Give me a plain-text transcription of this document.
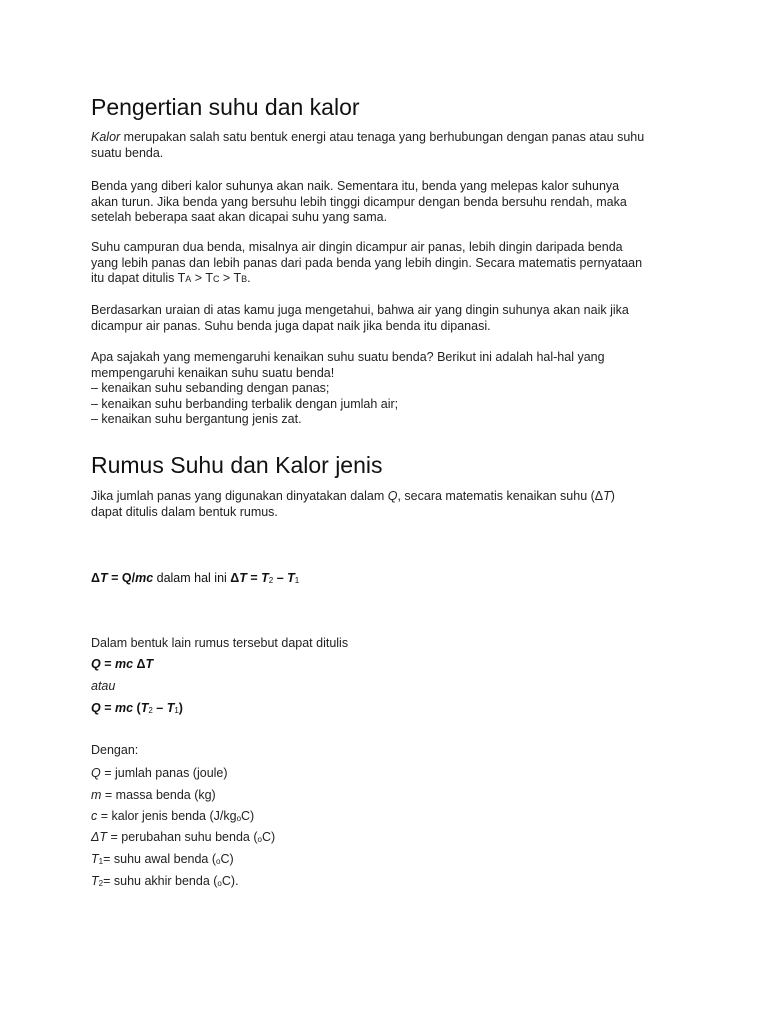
Pengertian suhu dan kalor
Kalor merupakan salah satu bentuk energi atau tenaga yang berhubungan dengan panas atau suhu
suatu benda.
Benda yang diberi kalor suhunya akan naik. Sementara itu, benda yang melepas kalor suhunya
akan turun. Jika benda yang bersuhu lebih tinggi dicampur dengan benda bersuhu rendah, maka
setelah beberapa saat akan dicapai suhu yang sama.
Suhu campuran dua benda, misalnya air dingin dicampur air panas, lebih dingin daripada benda
yang lebih panas dan lebih panas dari pada benda yang lebih dingin. Secara matematis pernyataan
itu dapat ditulis TA > TC > TB.
Berdasarkan uraian di atas kamu juga mengetahui, bahwa air yang dingin suhunya akan naik jika
dicampur air panas. Suhu benda juga dapat naik jika benda itu dipanasi.
Apa sajakah yang memengaruhi kenaikan suhu suatu benda? Berikut ini adalah hal-hal yang
mempengaruhi kenaikan suhu suatu benda!
– kenaikan suhu sebanding dengan panas;
– kenaikan suhu berbanding terbalik dengan jumlah air;
– kenaikan suhu bergantung jenis zat.
Rumus Suhu dan Kalor jenis
Jika jumlah panas yang digunakan dinyatakan dalam Q, secara matematis kenaikan suhu (ΔT)
dapat ditulis dalam bentuk rumus.
ΔT = Q/mc dalam hal ini ΔT = T2 – T1
Dalam bentuk lain rumus tersebut dapat ditulis
Q = mc ΔT
atau
Q = mc (T2 – T1)
Dengan:
Q = jumlah panas (joule)
m = massa benda (kg)
c = kalor jenis benda (J/kgoC)
ΔT = perubahan suhu benda (oC)
T1= suhu awal benda (oC)
T2= suhu akhir benda (oC).
